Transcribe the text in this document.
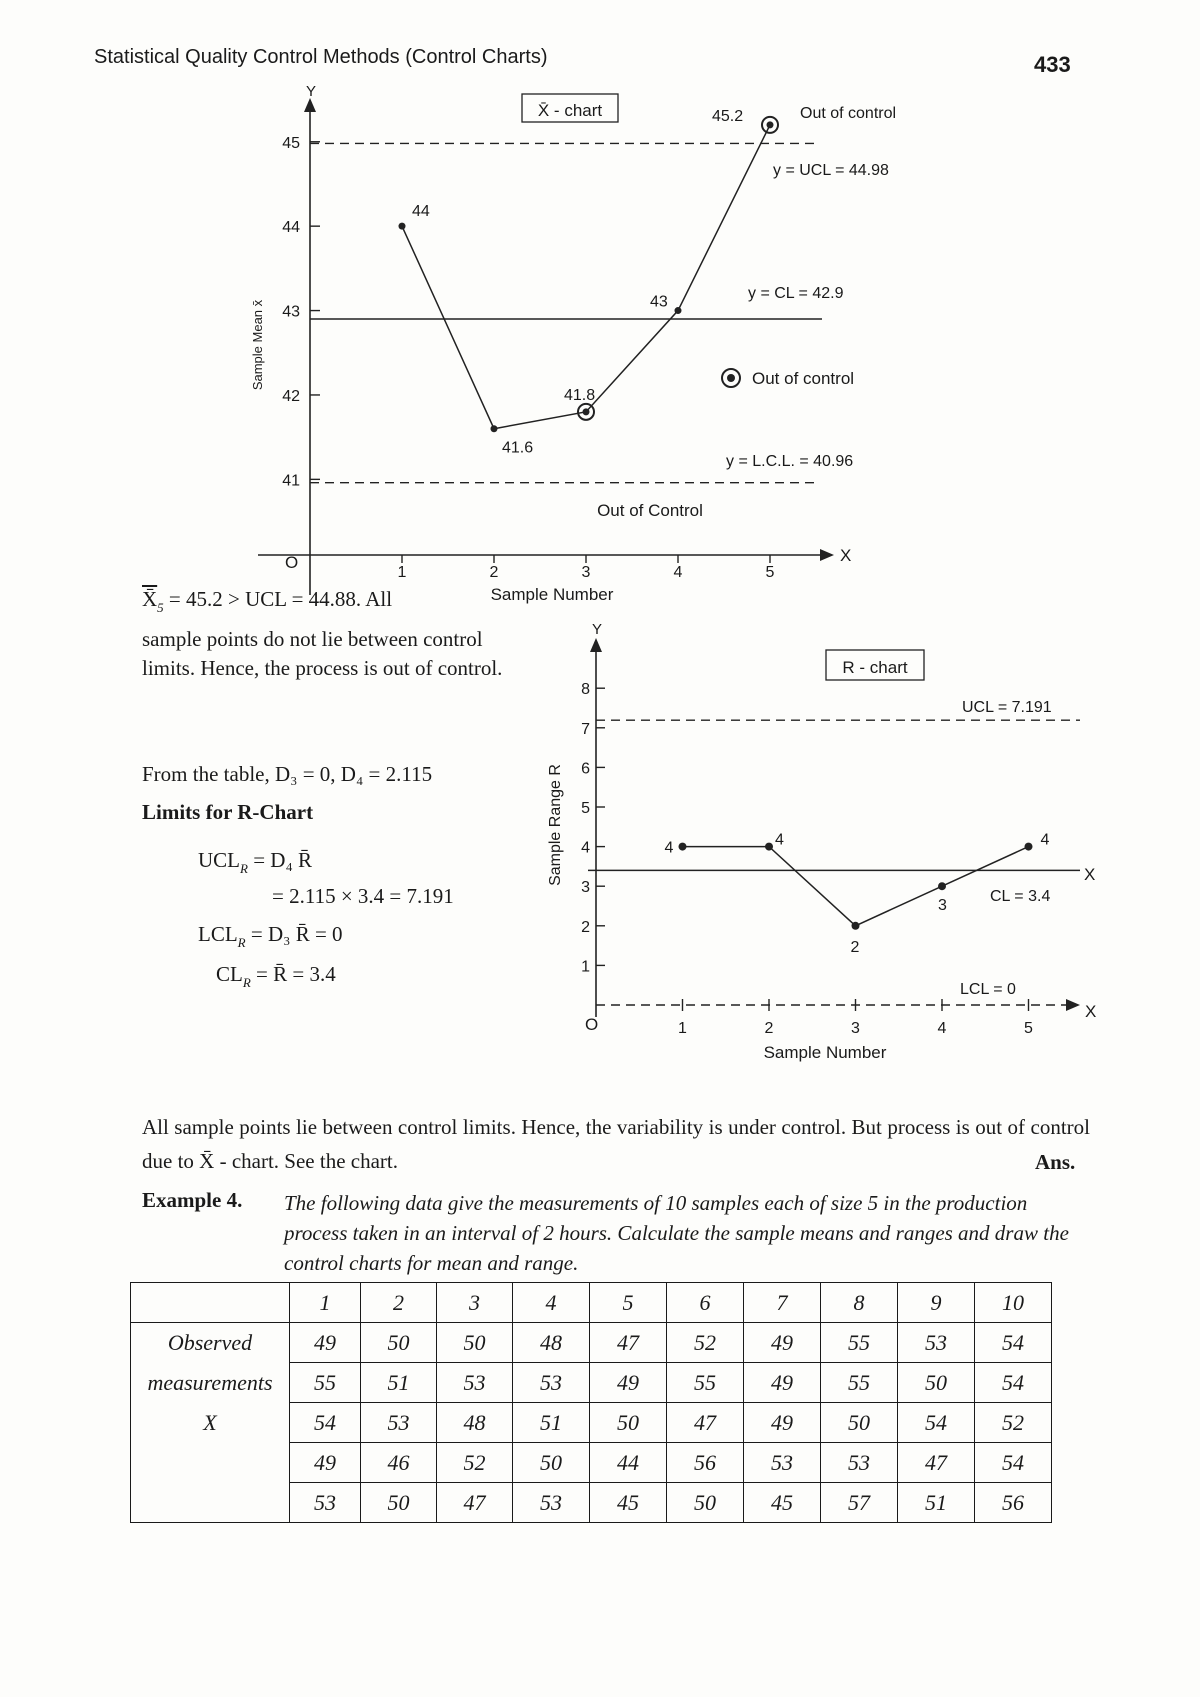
Statistical Quality Control Methods (Control Charts)	433
Y
X
O
41
42
43
44
45
1	2	3	4	5
Sample Number
Sample Mean x̄
X̄ - chart
y = UCL = 44.98
y = CL = 42.9
y = L.C.L. = 40.96
44
41.6
41.8
43
45.2	Out of control
Out of control
Out of Control
Y
O
1
2
3
4
5
6
7
8
1	2	3	4	5
Sample Number
Sample Range R
R - chart
UCL = 7.191
X
CL = 3.4
X
LCL = 0
4	4
2
3
4

$X̄_5 = 45.2$ > UCL = 44.88. All

sample points do not lie between control limits. Hence, the process is out of control.

From the table, D₃ = 0, D₄ = 2.115
Limits for R-Chart
$UCL_R = D_4$ R̄
= 2.115 × 3.4 = 7.191
$LCL_R = D_3$ R̄ = 0
$CL_R$ = R̄ = 3.4
All sample points lie between control limits. Hence, the variability is under control. But process is out of control due to X̄ - chart. See the chart.	Ans.
Example 4. The following data give the measurements of 10 samples each of size 5 in the production process taken in an interval of 2 hours. Calculate the sample means and ranges and draw the control charts for mean and range.
	1	2	3	4	5	6	7	8	9	10
Observed	49	50	50	48	47	52	49	55	53	54
measurements	55	51	53	53	49	55	49	55	50	54
X	54	53	48	51	50	47	49	50	54	52
	49	46	52	50	44	56	53	53	47	54
	53	50	47	53	45	50	45	57	51	56
